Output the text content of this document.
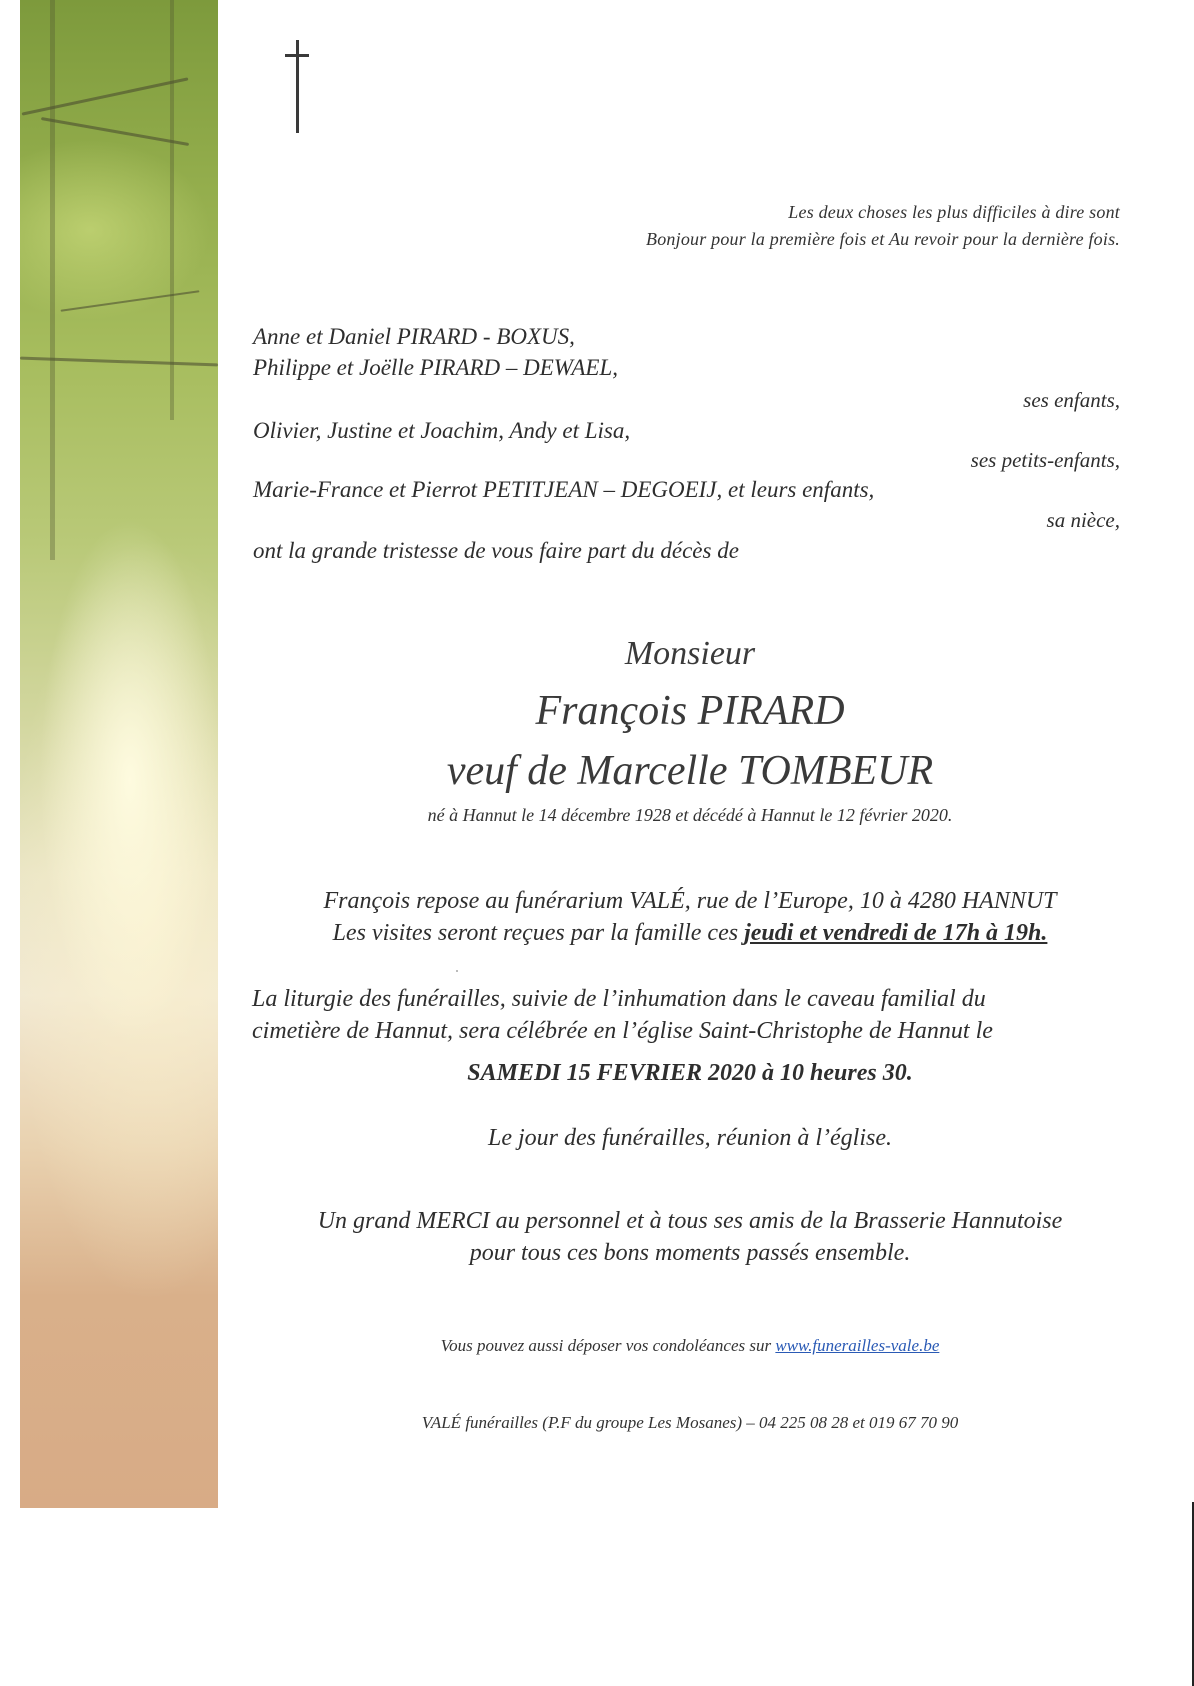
Les deux choses les plus difficiles à dire sont
Bonjour pour la première fois et Au revoir pour la dernière fois.
Anne et Daniel PIRARD - BOXUS,
Philippe et Joëlle PIRARD – DEWAEL,
ses enfants,
Olivier, Justine et Joachim, Andy et Lisa,
ses petits-enfants,
Marie-France et Pierrot PETITJEAN – DEGOEIJ, et leurs enfants,
sa nièce,
ont la grande tristesse de vous faire part du décès de
Monsieur
François PIRARD
veuf de Marcelle TOMBEUR
né à Hannut le 14 décembre 1928 et décédé à Hannut le 12 février 2020.
François repose au funérarium VALÉ, rue de l’Europe, 10 à 4280 HANNUT
Les visites seront reçues par la famille ces jeudi et vendredi de 17h à 19h.
La liturgie des funérailles, suivie de l’inhumation dans le caveau familial du
cimetière de Hannut, sera célébrée en l’église Saint-Christophe de Hannut le
SAMEDI 15 FEVRIER 2020 à 10 heures 30.
Le jour des funérailles, réunion à l’église.
Un grand MERCI au personnel et à tous ses amis de la Brasserie Hannutoise
pour tous ces bons moments passés ensemble.
Vous pouvez aussi déposer vos condoléances sur www.funerailles-vale.be
VALÉ funérailles (P.F du groupe Les Mosanes) – 04 225 08 28 et 019 67 70 90
